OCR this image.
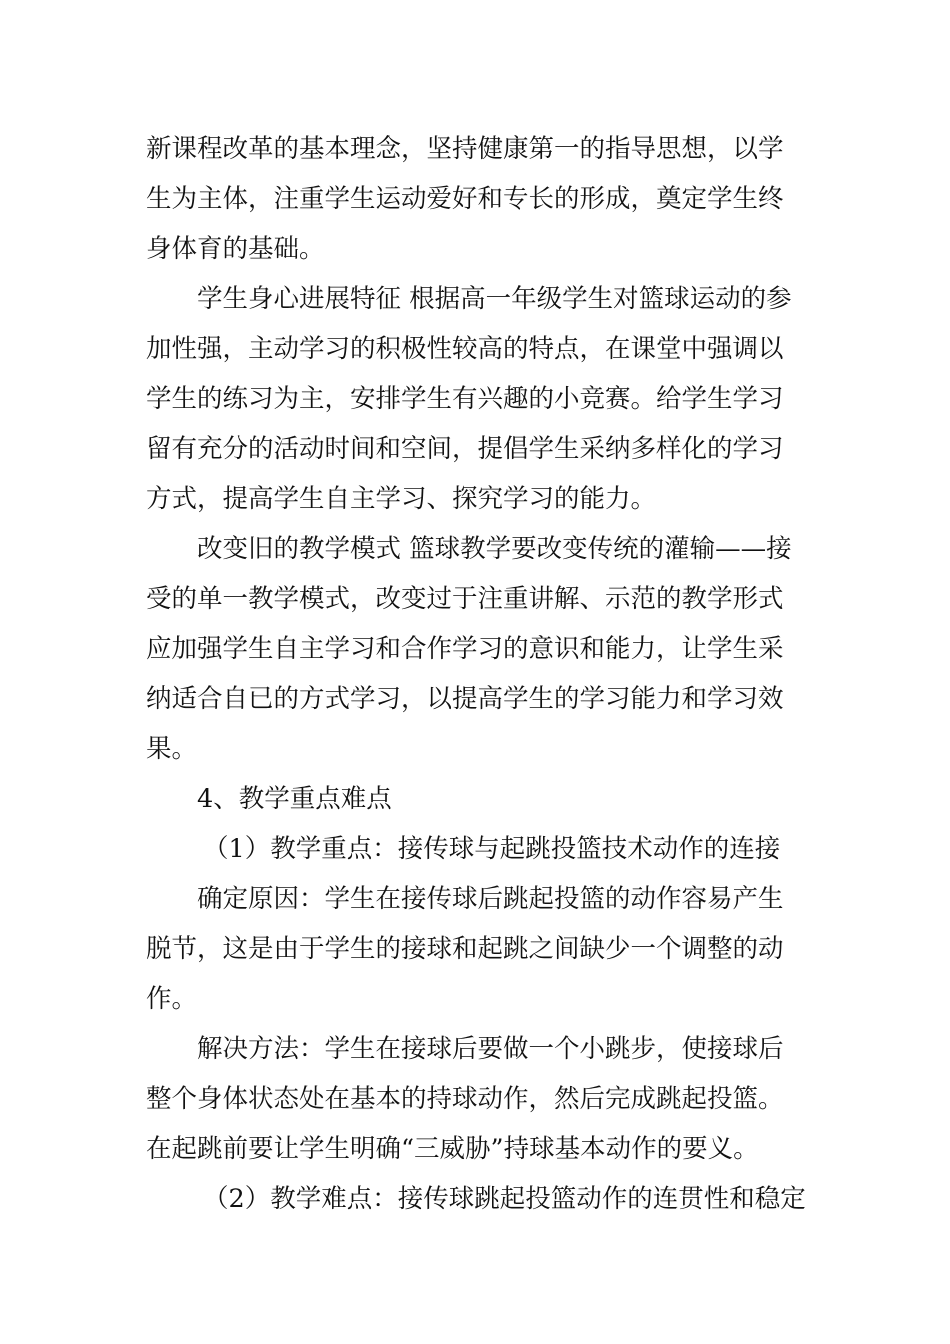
新课程改革的基本理念，坚持健康第一的指导思想，以学
生为主体，注重学生运动爱好和专长的形成，奠定学生终
身体育的基础。
学生身心进展特征 根据高一年级学生对篮球运动的参
加性强，主动学习的积极性较高的特点，在课堂中强调以
学生的练习为主，安排学生有兴趣的小竞赛。给学生学习
留有充分的活动时间和空间，提倡学生采纳多样化的学习
方式，提高学生自主学习、探究学习的能力。
改变旧的教学模式 篮球教学要改变传统的灌输——接
受的单一教学模式，改变过于注重讲解、示范的教学形式
应加强学生自主学习和合作学习的意识和能力，让学生采
纳适合自已的方式学习，以提高学生的学习能力和学习效
果。
4、教学重点难点
（1）教学重点：接传球与起跳投篮技术动作的连接
确定原因：学生在接传球后跳起投篮的动作容易产生
脱节，这是由于学生的接球和起跳之间缺少一个调整的动
作。
解决方法：学生在接球后要做一个小跳步，使接球后
整个身体状态处在基本的持球动作，然后完成跳起投篮。
在起跳前要让学生明确“三威胁”持球基本动作的要义。
（2）教学难点：接传球跳起投篮动作的连贯性和稳定
